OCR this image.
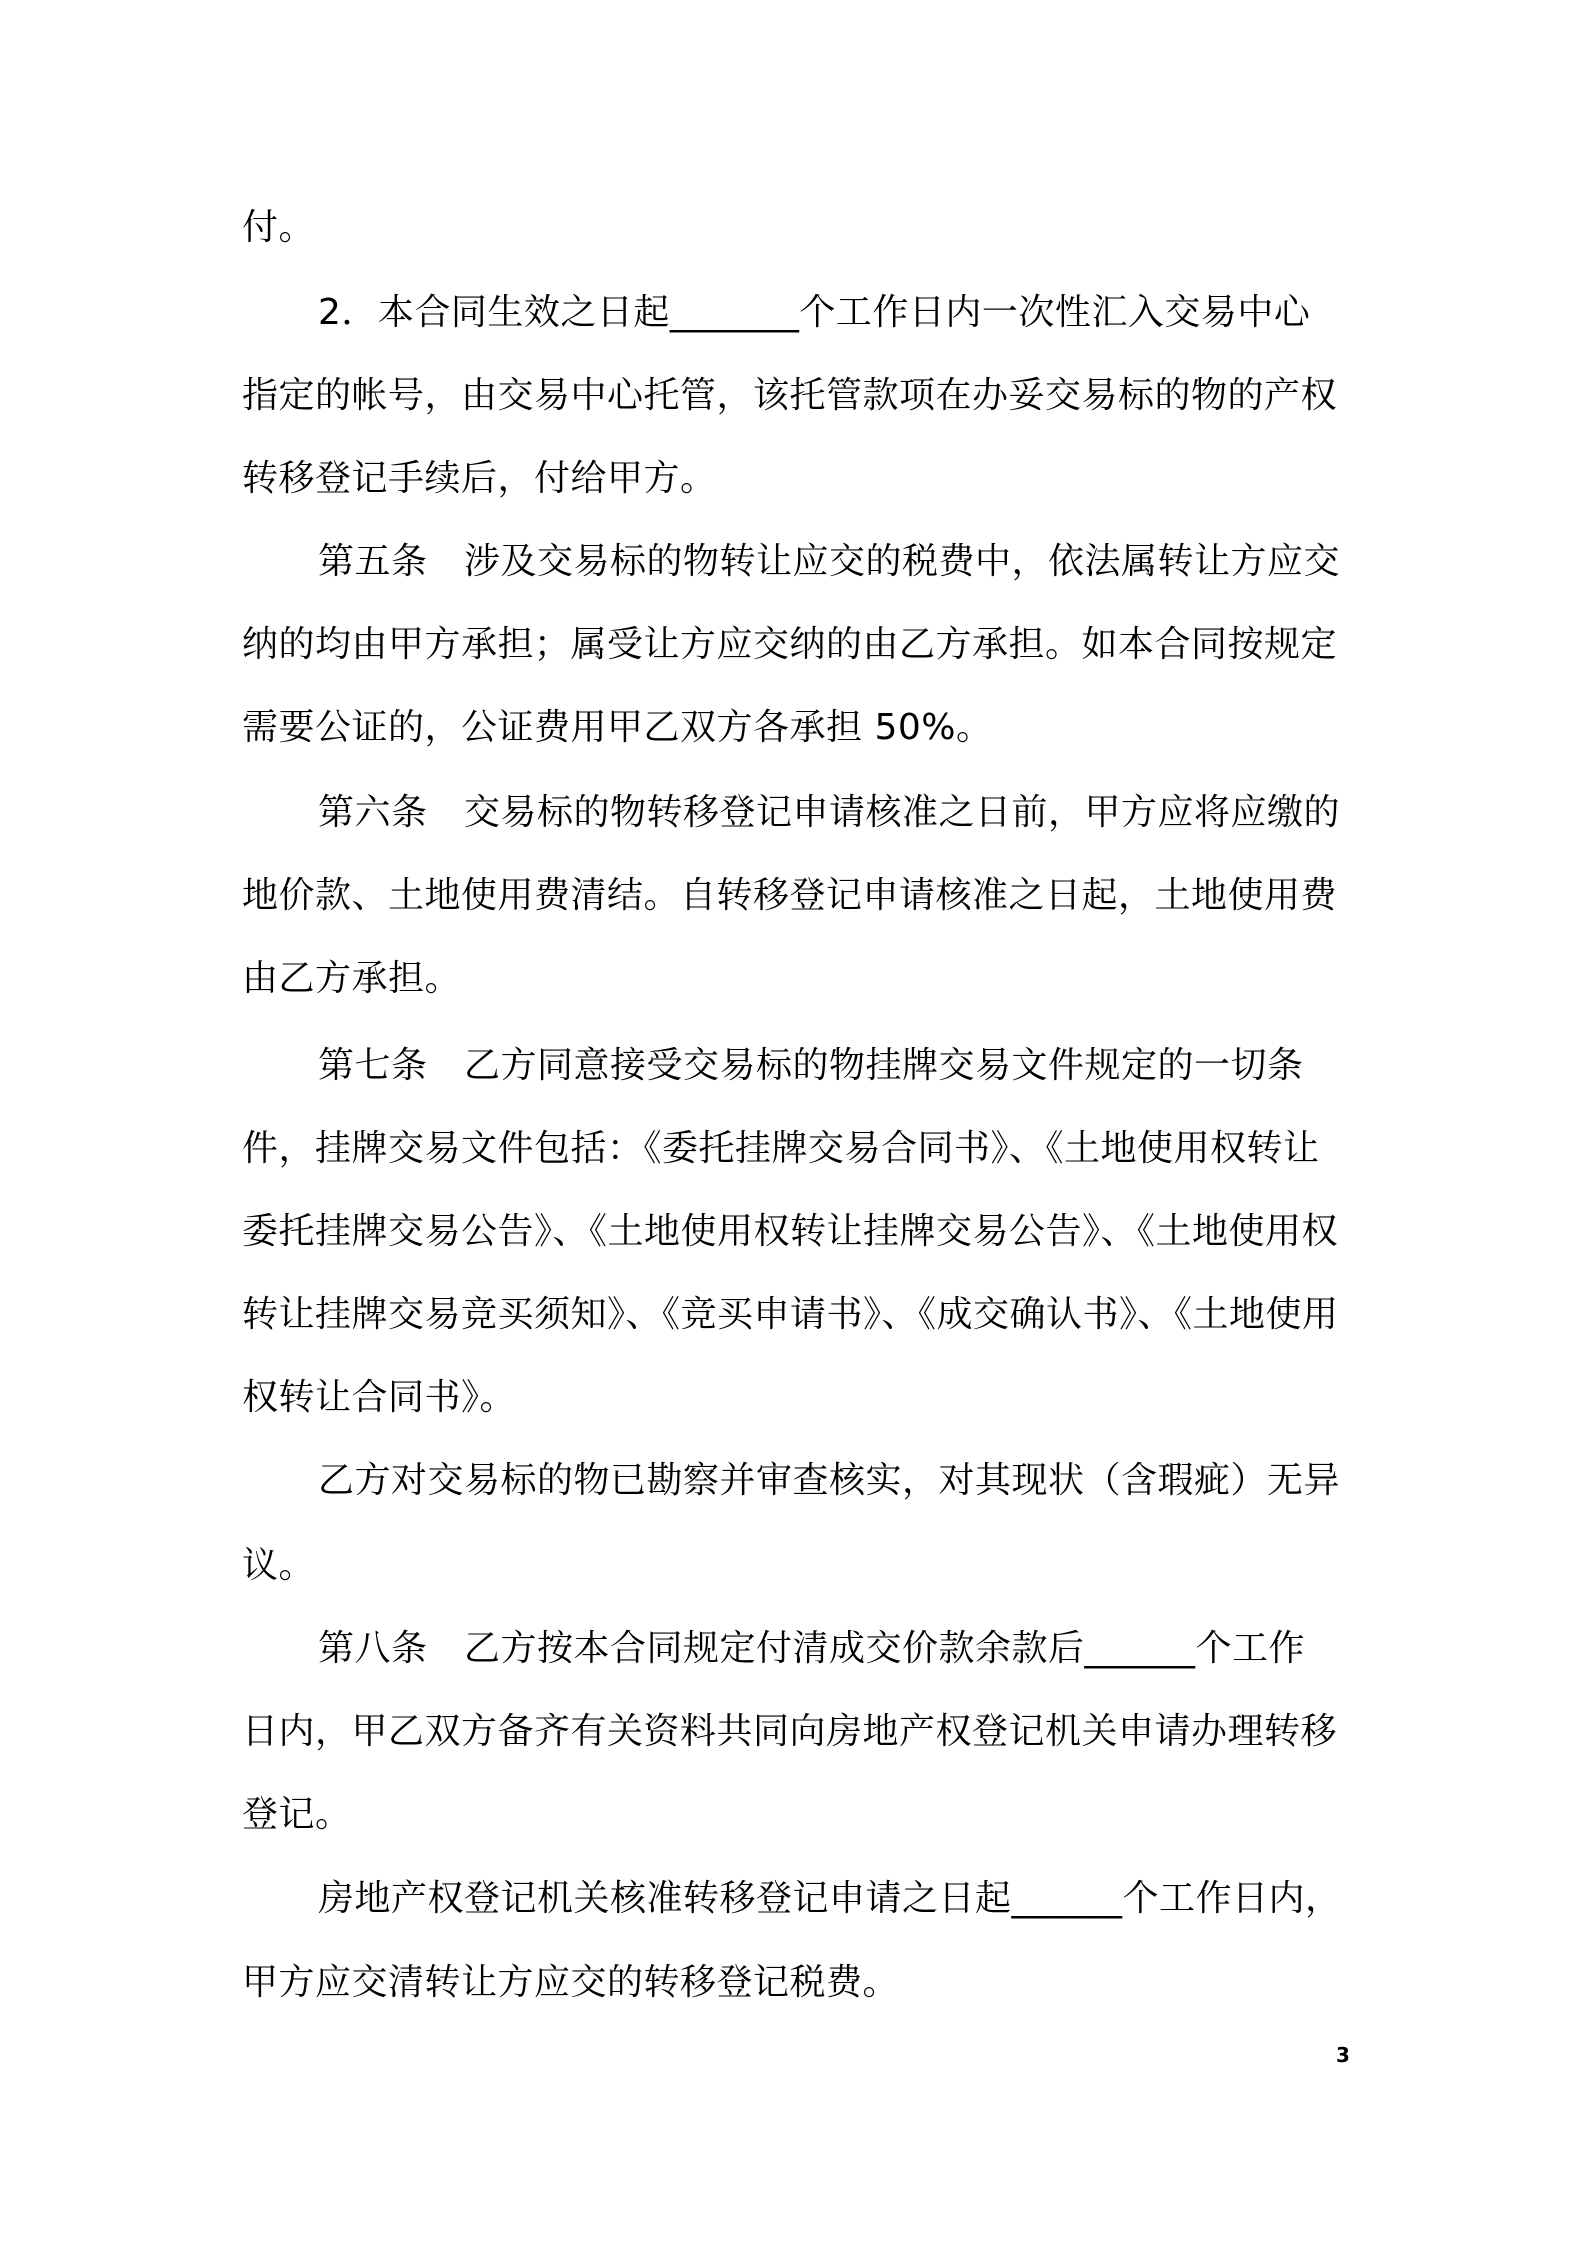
付。
2．本合同生效之日起_______个工作日内一次性汇入交易中心
指定的帐号，由交易中心托管，该托管款项在办妥交易标的物的产权
转移登记手续后，付给甲方。
第五条　涉及交易标的物转让应交的税费中，依法属转让方应交
纳的均由甲方承担；属受让方应交纳的由乙方承担。如本合同按规定
需要公证的，公证费用甲乙双方各承担 50%。
第六条　交易标的物转移登记申请核准之日前，甲方应将应缴的
地价款、土地使用费清结。自转移登记申请核准之日起，土地使用费
由乙方承担。
第七条　乙方同意接受交易标的物挂牌交易文件规定的一切条
件，挂牌交易文件包括：《委托挂牌交易合同书》、《土地使用权转让
委托挂牌交易公告》、《土地使用权转让挂牌交易公告》、《土地使用权
转让挂牌交易竞买须知》、《竞买申请书》、《成交确认书》、《土地使用
权转让合同书》。
乙方对交易标的物已勘察并审查核实，对其现状（含瑕疵）无异
议。
第八条　乙方按本合同规定付清成交价款余款后______个工作
日内，甲乙双方备齐有关资料共同向房地产权登记机关申请办理转移
登记。
房地产权登记机关核准转移登记申请之日起______个工作日内，
甲方应交清转让方应交的转移登记税费。
3
